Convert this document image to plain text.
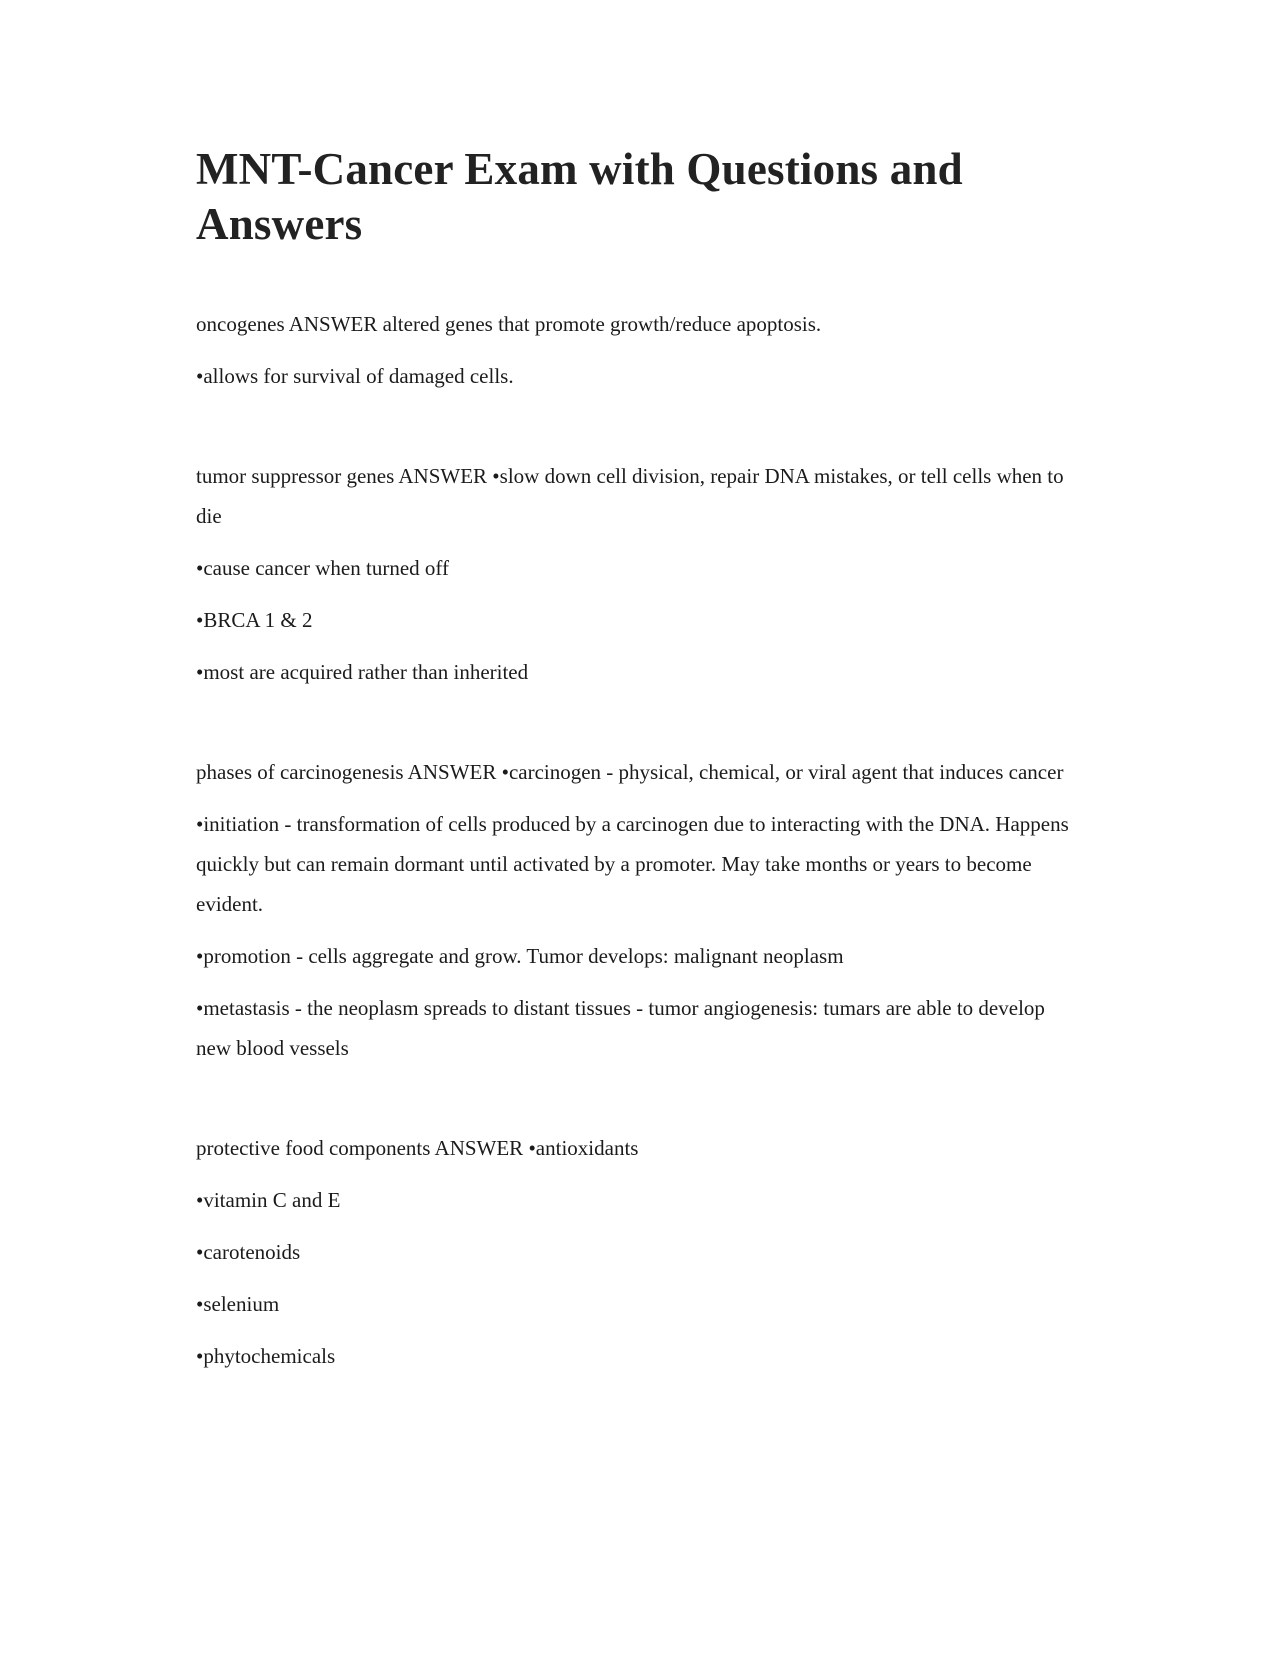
MNT-Cancer Exam with Questions and Answers

oncogenes ANSWER altered genes that promote growth/reduce apoptosis.

•allows for survival of damaged cells.

tumor suppressor genes ANSWER •slow down cell division, repair DNA mistakes, or tell cells when to die

•cause cancer when turned off

•BRCA 1 & 2

•most are acquired rather than inherited

phases of carcinogenesis ANSWER •carcinogen - physical, chemical, or viral agent that induces cancer

•initiation - transformation of cells produced by a carcinogen due to interacting with the DNA. Happens quickly but can remain dormant until activated by a promoter. May take months or years to become evident.

•promotion - cells aggregate and grow. Tumor develops: malignant neoplasm

•metastasis - the neoplasm spreads to distant tissues - tumor angiogenesis: tumars are able to develop new blood vessels

protective food components ANSWER •antioxidants

•vitamin C and E

•carotenoids

•selenium

•phytochemicals
